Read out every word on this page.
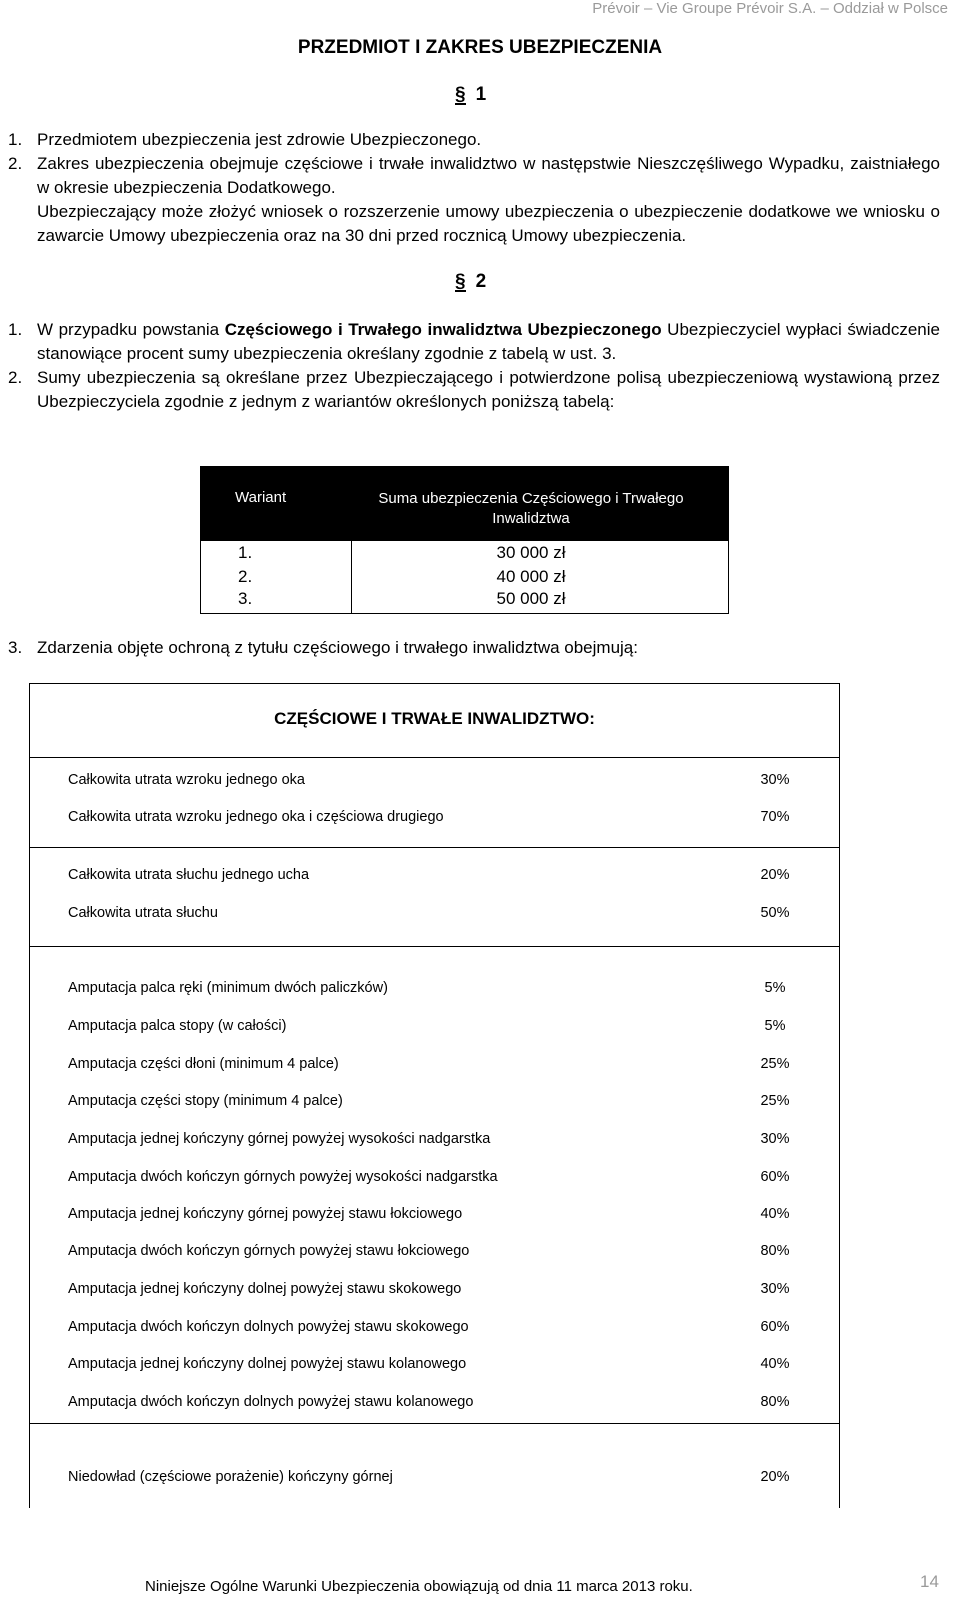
Prévoir – Vie Groupe Prévoir S.A. – Oddział w Polsce
PRZEDMIOT I ZAKRES UBEZPIECZENIA
§ 1
1. Przedmiotem ubezpieczenia jest zdrowie Ubezpieczonego.
2. Zakres ubezpieczenia obejmuje częściowe i trwałe inwalidztwo w następstwie Nieszczęśliwego Wypadku, zaistniałego w okresie ubezpieczenia Dodatkowego.
Ubezpieczający może złożyć wniosek o rozszerzenie umowy ubezpieczenia o ubezpieczenie dodatkowe we wniosku o zawarcie Umowy ubezpieczenia oraz na 30 dni przed rocznicą Umowy ubezpieczenia.
§ 2
1. W przypadku powstania Częściowego i Trwałego inwalidztwa Ubezpieczonego Ubezpieczyciel wypłaci świadczenie stanowiące procent sumy ubezpieczenia określany zgodnie z tabelą w ust. 3.
2. Sumy ubezpieczenia są określane przez Ubezpieczającego i potwierdzone polisą ubezpieczeniową wystawioną przez Ubezpieczyciela zgodnie z jednym z wariantów określonych poniższą tabelą:
Wariant	Suma ubezpieczenia Częściowego i Trwałego Inwalidztwa
1.	30 000 zł
2.	40 000 zł
3.	50 000 zł
3. Zdarzenia objęte ochroną z tytułu częściowego i trwałego inwalidztwa obejmują:
CZĘŚCIOWE I TRWAŁE INWALIDZTWO:
Całkowita utrata wzroku jednego oka	30%
Całkowita utrata wzroku jednego oka i częściowa drugiego	70%
Całkowita utrata słuchu jednego ucha	20%
Całkowita utrata słuchu	50%
Amputacja palca ręki (minimum dwóch paliczków)	5%
Amputacja palca stopy (w całości)	5%
Amputacja części dłoni (minimum 4 palce)	25%
Amputacja części stopy (minimum 4 palce)	25%
Amputacja jednej kończyny górnej powyżej wysokości nadgarstka	30%
Amputacja dwóch kończyn górnych powyżej wysokości nadgarstka	60%
Amputacja jednej kończyny górnej powyżej stawu łokciowego	40%
Amputacja dwóch kończyn górnych powyżej stawu łokciowego	80%
Amputacja jednej kończyny dolnej powyżej stawu skokowego	30%
Amputacja dwóch kończyn dolnych powyżej stawu skokowego	60%
Amputacja jednej kończyny dolnej powyżej stawu kolanowego	40%
Amputacja dwóch kończyn dolnych powyżej stawu kolanowego	80%
Niedowład (częściowe porażenie) kończyny górnej	20%
Niniejsze Ogólne Warunki Ubezpieczenia obowiązują od dnia 11 marca 2013 roku.	14
